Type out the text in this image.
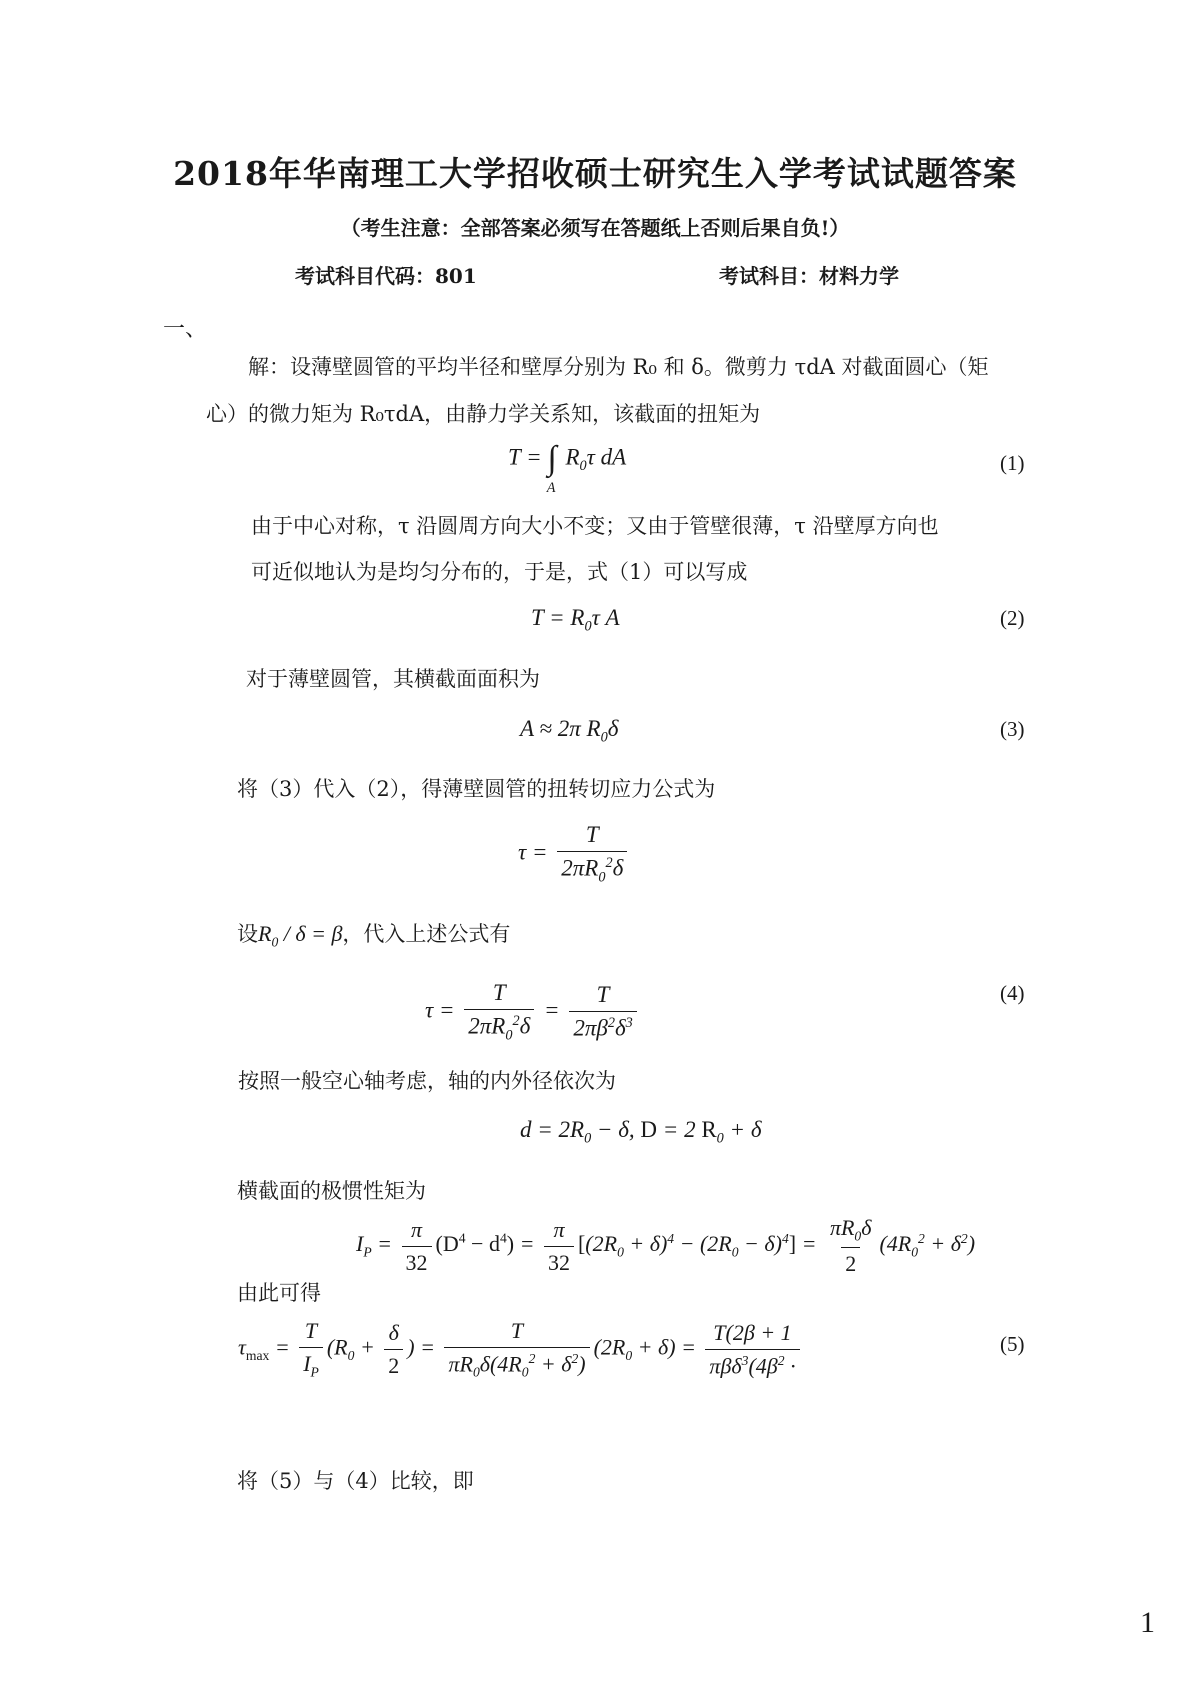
2018年华南理工大学招收硕士研究生入学考试试题答案
（考生注意：全部答案必须写在答题纸上否则后果自负!）
考试科目代码：801	考试科目：材料力学
一、
解：设薄壁圆管的平均半径和壁厚分别为 R₀ 和 δ。微剪力 τdA 对截面圆心（矩
心）的微力矩为 R₀τdA，由静力学关系知，该截面的扭矩为
$T = \int_AR_0\tau$ dA	(1)
由于中心对称，τ 沿圆周方向大小不变；又由于管壁很薄，τ 沿壁厚方向也
可近似地认为是均匀分布的，于是，式（1）可以写成
$T = R_0\tau$ A	(2)
对于薄壁圆管，其横截面面积为
A ≈ 2π $R_0\delta$	(3)
将（3）代入（2），得薄壁圆管的扭转切应力公式为
$\tau = \frac{T}{2\pi R_0^2\delta}$
设$R_0 / \delta = \beta$，代入上述公式有
$\tau = \frac{T}{2\pi R_0^2\delta} = \frac{T}{2\pi\beta^2\delta^3}$	(4)
按照一般空心轴考虑，轴的内外径依次为
$d = 2R_0 - \delta$, D = 2 $R_0 + \delta$
横截面的极惯性矩为
$I_P = \frac{\pi}{32} (D^4 - d^4) = \frac{\pi}{32} [(2R_0 + \delta)^4 - (2R_0 - \delta)^4] = \frac{\pi R_0\delta}{2} (4R_0^2 + \delta^2)$
由此可得
$\tau_{max} = \frac{T}{I_P} (R_0 + \frac{\delta}{2}$ ) = $\frac{T}{\pi R_0\delta(4R_0^2 + \delta^2)} (2R_0 + \delta) = \frac{T(2\beta + 1}{\pi\beta\delta^3(4\beta^2 \cdot}$	(5)
将（5）与（4）比较，即
1
